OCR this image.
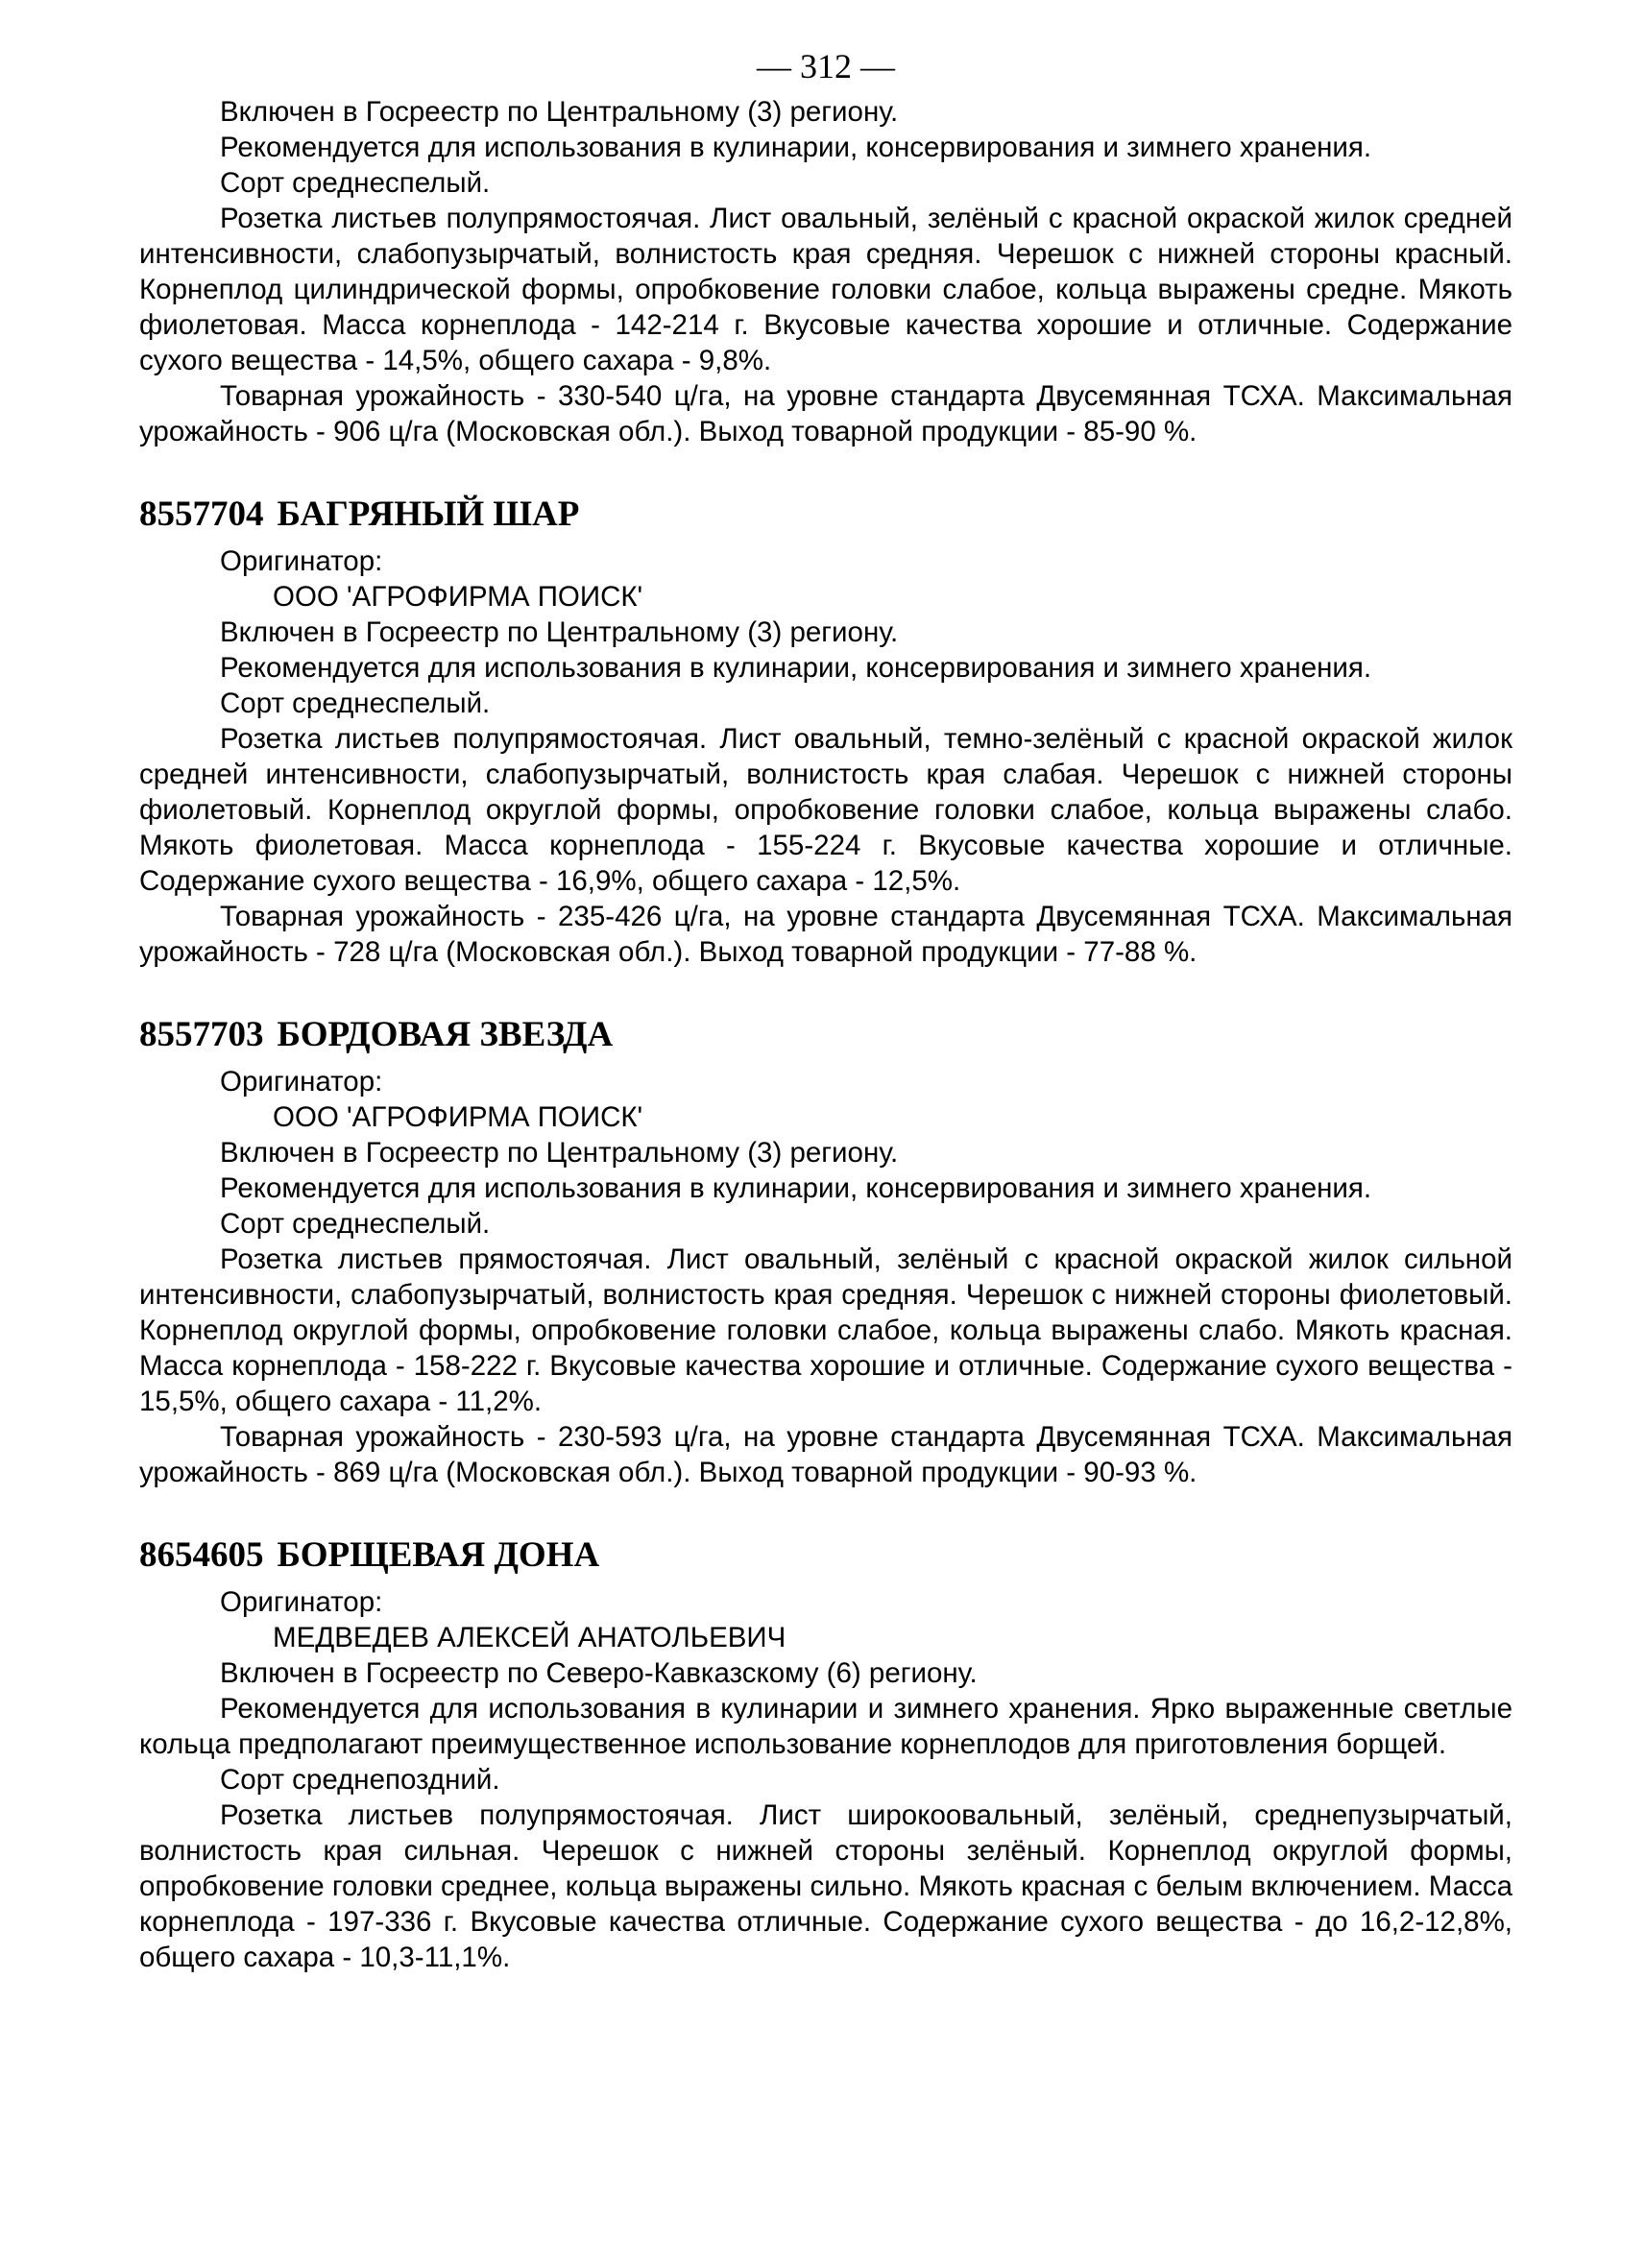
— 312 —

Включен в Госреестр по Центральному (3) региону.

Рекомендуется для использования в кулинарии, консервирования и зимнего хранения.

Сорт среднеспелый.

Розетка листьев полупрямостоячая. Лист овальный, зелёный с красной окраской жилок средней интенсивности, слабопузырчатый, волнистость края средняя. Черешок с нижней стороны красный. Корнеплод цилиндрической формы, опробковение головки слабое, кольца выражены средне. Мякоть фиолетовая. Масса корнеплода - 142-214 г. Вкусовые качества хорошие и отличные. Содержание сухого вещества - 14,5%, общего сахара - 9,8%.

Товарная урожайность - 330-540 ц/га, на уровне стандарта Двусемянная ТСХА. Максимальная урожайность - 906 ц/га (Московская обл.). Выход товарной продукции - 85-90 %.

8557704 БАГРЯНЫЙ ШАР

Оригинатор:

ООО 'АГРОФИРМА ПОИСК'

Включен в Госреестр по Центральному (3) региону.

Рекомендуется для использования в кулинарии, консервирования и зимнего хранения.

Сорт среднеспелый.

Розетка листьев полупрямостоячая. Лист овальный, темно-зелёный с красной окраской жилок средней интенсивности, слабопузырчатый, волнистость края слабая. Черешок с нижней стороны фиолетовый. Корнеплод округлой формы, опробковение головки слабое, кольца выражены слабо. Мякоть фиолетовая. Масса корнеплода - 155-224 г. Вкусовые качества хорошие и отличные. Содержание сухого вещества - 16,9%, общего сахара - 12,5%.

Товарная урожайность - 235-426 ц/га, на уровне стандарта Двусемянная ТСХА. Максимальная урожайность - 728 ц/га (Московская обл.). Выход товарной продукции - 77-88 %.

8557703 БОРДОВАЯ ЗВЕЗДА

Оригинатор:

ООО 'АГРОФИРМА ПОИСК'

Включен в Госреестр по Центральному (3) региону.

Рекомендуется для использования в кулинарии, консервирования и зимнего хранения.

Сорт среднеспелый.

Розетка листьев прямостоячая. Лист овальный, зелёный с красной окраской жилок сильной интенсивности, слабопузырчатый, волнистость края средняя. Черешок с нижней стороны фиолетовый. Корнеплод округлой формы, опробковение головки слабое, кольца выражены слабо. Мякоть красная. Масса корнеплода - 158-222 г. Вкусовые качества хорошие и отличные. Содержание сухого вещества - 15,5%, общего сахара - 11,2%.

Товарная урожайность - 230-593 ц/га, на уровне стандарта Двусемянная ТСХА. Максимальная урожайность - 869 ц/га (Московская обл.). Выход товарной продукции - 90-93 %.

8654605 БОРЩЕВАЯ ДОНА

Оригинатор:

МЕДВЕДЕВ АЛЕКСЕЙ АНАТОЛЬЕВИЧ

Включен в Госреестр по Северо-Кавказскому (6) региону.

Рекомендуется для использования в кулинарии и зимнего хранения. Ярко выраженные светлые кольца предполагают преимущественное использование корнеплодов для приготовления борщей.

Сорт среднепоздний.

Розетка листьев полупрямостоячая. Лист широкоовальный, зелёный, среднепузырчатый, волнистость края сильная. Черешок с нижней стороны зелёный. Корнеплод округлой формы, опробковение головки среднее, кольца выражены сильно. Мякоть красная с белым включением. Масса корнеплода - 197-336 г. Вкусовые качества отличные. Содержание сухого вещества - до 16,2-12,8%, общего сахара - 10,3-11,1%.
